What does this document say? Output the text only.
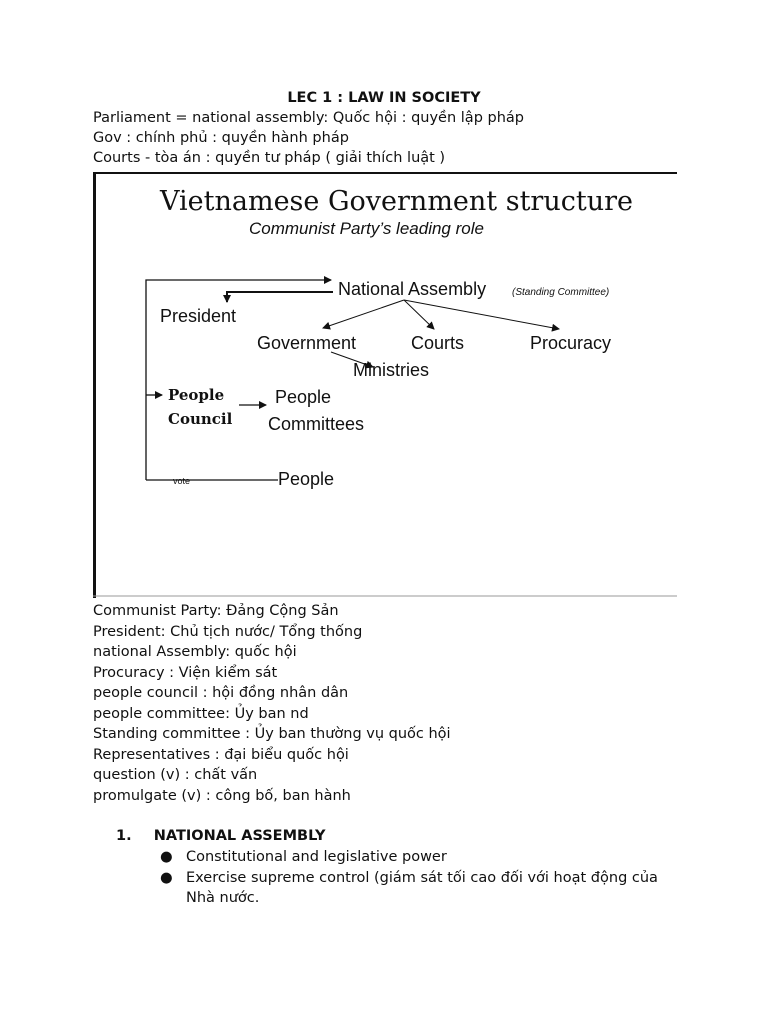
LEC 1 : LAW IN SOCIETY
Parliament = national assembly: Quốc hội : quyền lập pháp
Gov : chính phủ : quyền hành pháp
Courts - tòa án : quyền tư pháp ( giải thích luật )
Vietnamese Government structure
Communist Party’s leading role
National Assembly	(Standing Committee)
President
Government	Courts	Procuracy
Ministries
People
Council
People
Committees
vote	People
Communist Party: Đảng Cộng Sản
President: Chủ tịch nước/ Tổng thống
national Assembly: quốc hội
Procuracy : Viện kiểm sát
people council : hội đồng nhân dân
people committee: Ủy ban nd
Standing committee : Ủy ban thường vụ quốc hội
Representatives : đại biểu quốc hội
question (v) : chất vấn
promulgate (v) : công bố, ban hành
1. NATIONAL ASSEMBLY
● Constitutional and legislative power
● Exercise supreme control (giám sát tối cao đối với hoạt động của Nhà nước.
